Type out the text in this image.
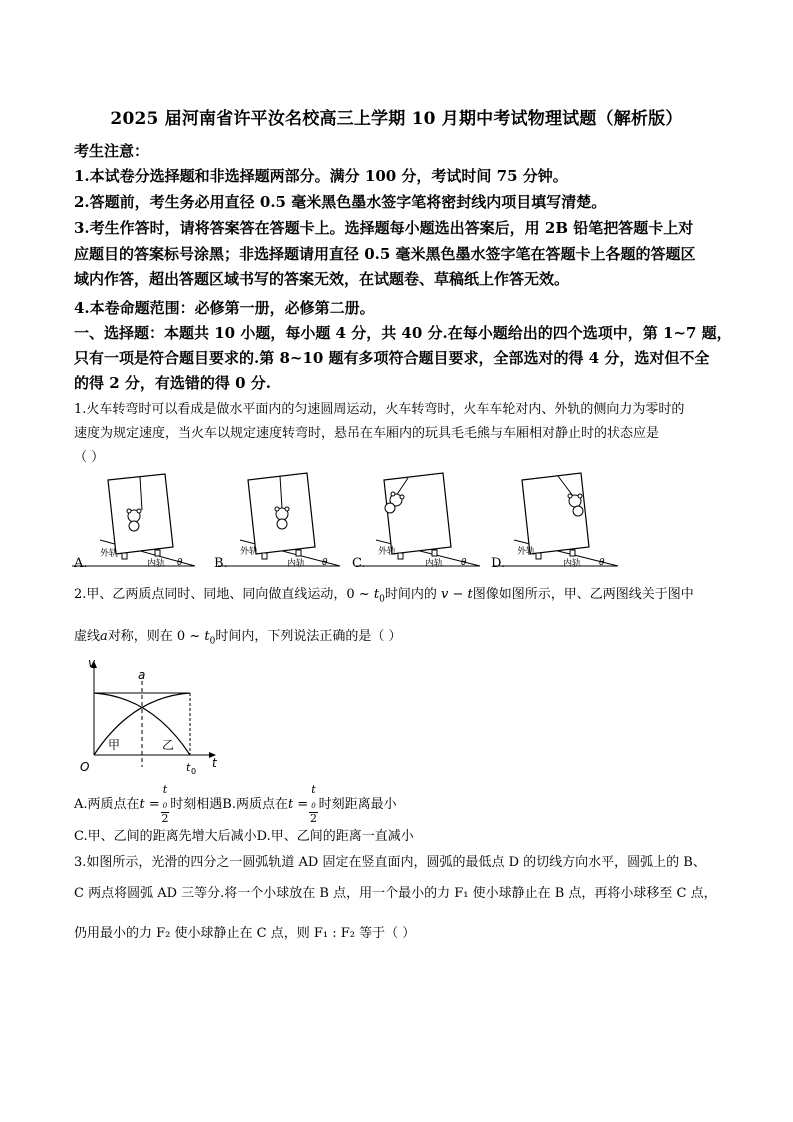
2025 届河南省许平汝名校高三上学期 10 月期中考试物理试题（解析版）
考生注意：
1.本试卷分选择题和非选择题两部分。满分 100 分，考试时间 75 分钟。
2.答题前，考生务必用直径 0.5 毫米黑色墨水签字笔将密封线内项目填写清楚。
3.考生作答时，请将答案答在答题卡上。选择题每小题选出答案后，用 2B 铅笔把答题卡上对
应题目的答案标号涂黑；非选择题请用直径 0.5 毫米黑色墨水签字笔在答题卡上各题的答题区
域内作答，超出答题区域书写的答案无效，在试题卷、草稿纸上作答无效。
4.本卷命题范围：必修第一册，必修第二册。
一、选择题：本题共 10 小题，每小题 4 分，共 40 分.在每小题给出的四个选项中，第 1~7 题，
只有一项是符合题目要求的.第 8~10 题有多项符合题目要求，全部选对的得 4 分，选对但不全
的得 2 分，有选错的得 0 分.
1.火车转弯时可以看成是做水平面内的匀速圆周运动，火车转弯时，火车车轮对内、外轨的侧向力为零时的
速度为规定速度，当火车以规定速度转弯时，悬吊在车厢内的玩具毛毛熊与车厢相对静止时的状态应是
（ ）
外轨
内轨 θ
外轨
内轨 θ
外轨
内轨 θ
外轨
内轨 θ
A.	B.	C.	D.
2.甲、乙两质点同时、同地、同向做直线运动，0 ~ $t_0$时间内的 v − t图像如图所示，甲、乙两图线关于图中
虚线a对称，则在 0 ~ $t_0$时间内，下列说法正确的是（ ）
v
t
O
a
甲	乙
t 0
A.两质点在t = t
$_0$
2 时刻相遇B.两质点在t = t
$_0$
2 时刻距离最小
C.甲、乙间的距离先增大后减小D.甲、乙间的距离一直减小
3.如图所示，光滑的四分之一圆弧轨道 AD 固定在竖直面内，圆弧的最低点 D 的切线方向水平，圆弧上的 B、
C 两点将圆弧 AD 三等分.将一个小球放在 B 点，用一个最小的力 F₁ 使小球静止在 B 点，再将小球移至 C 点，
仍用最小的力 F₂ 使小球静止在 C 点，则 F₁ : F₂ 等于（ ）
